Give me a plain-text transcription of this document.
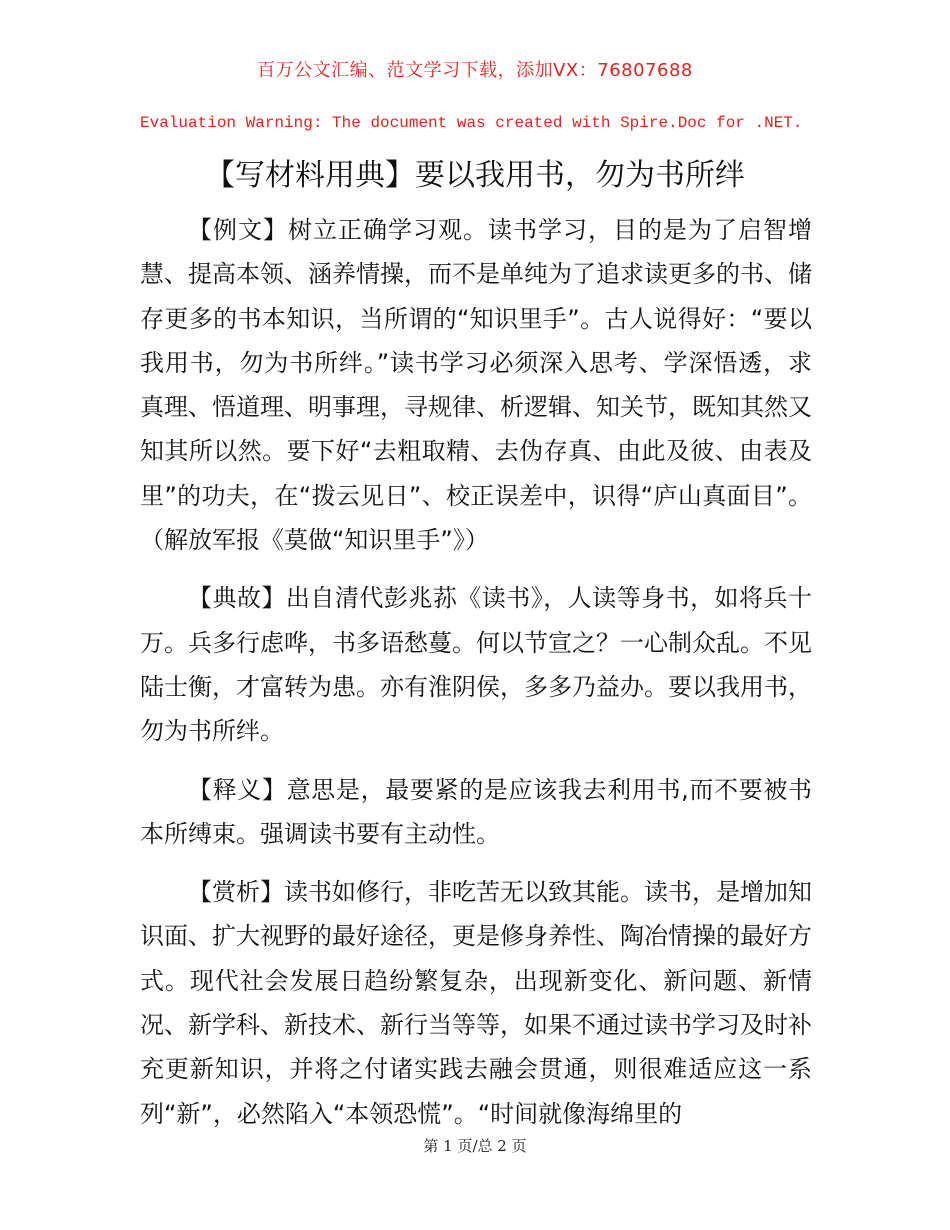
百万公文汇编、范文学习下载，添加VX：76807688
Evaluation Warning: The document was created with Spire.Doc for .NET.
【写材料用典】要以我用书，勿为书所绊

【例文】树立正确学习观。读书学习，目的是为了启智增慧、提高本领、涵养情操，而不是单纯为了追求读更多的书、储存更多的书本知识，当所谓的“知识里手”。古人说得好：“要以我用书，勿为书所绊。”读书学习必须深入思考、学深悟透，求真理、悟道理、明事理，寻规律、析逻辑、知关节，既知其然又知其所以然。要下好“去粗取精、去伪存真、由此及彼、由表及里”的功夫，在“拨云见日”、校正误差中，识得“庐山真面目”。（解放军报《莫做“知识里手”》）

【典故】出自清代彭兆荪《读书》，人读等身书，如将兵十万。兵多行虑哗，书多语愁蔓。何以节宣之？一心制众乱。不见陆士衡，才富转为患。亦有淮阴侯，多多乃益办。要以我用书，勿为书所绊。

【释义】意思是，最要紧的是应该我去利用书,而不要被书本所缚束。强调读书要有主动性。

【赏析】读书如修行，非吃苦无以致其能。读书，是增加知识面、扩大视野的最好途径，更是修身养性、陶冶情操的最好方式。现代社会发展日趋纷繁复杂，出现新变化、新问题、新情况、新学科、新技术、新行当等等，如果不通过读书学习及时补充更新知识，并将之付诸实践去融会贯通，则很难适应这一系列“新”，必然陷入“本领恐慌”。“时间就像海绵里的

第 1 页/总 2 页
